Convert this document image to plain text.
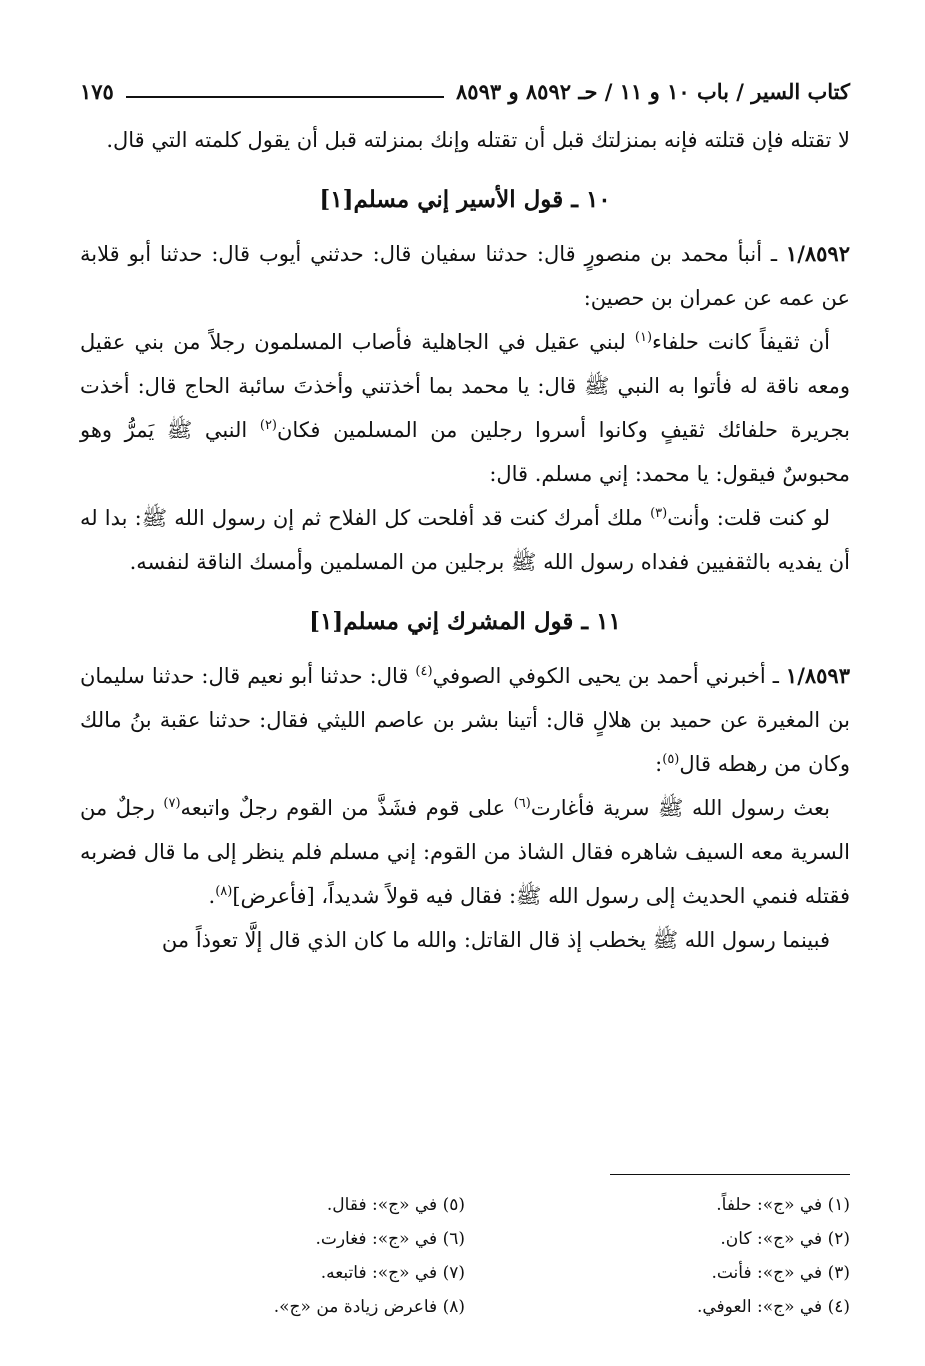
كتاب السير / باب ١٠ و ١١ / حـ ٨٥٩٢ و ٨٥٩٣
١٧٥

لا تقتله فإن قتلته فإنه بمنزلتك قبل أن تقتله وإنك بمنزلته قبل أن يقول كلمته التي قال.

١٠ ـ قول الأسير إني مسلم[١]

١/٨٥٩٢ ـ أنبأ محمد بن منصورٍ قال: حدثنا سفيان قال: حدثني أيوب قال: حدثنا أبو قلابة عن عمه عن عمران بن حصين:

أن ثقيفاً كانت حلفاء$^{(١)}$ لبني عقيل في الجاهلية فأصاب المسلمون رجلاً من بني عقيل ومعه ناقة له فأتوا به النبي ﷺ قال: يا محمد بما أخذتني وأخذتَ سائبة الحاج قال: أخذت بجريرة حلفائك ثقيفٍ وكانوا أسروا رجلين من المسلمين فكان$^{(٢)}$ النبي ﷺ يَمرُّ وهو محبوسٌ فيقول: يا محمد: إني مسلم. قال:

لو كنت قلت: وأنت$^{(٣)}$ ملك أمرك كنت قد أفلحت كل الفلاح ثم إن رسول الله ﷺ: بدا له أن يفديه بالثقفيين ففداه رسول الله ﷺ برجلين من المسلمين وأمسك الناقة لنفسه.

١١ ـ قول المشرك إني مسلم[١]

١/٨٥٩٣ ـ أخبرني أحمد بن يحيى الكوفي الصوفي$^{(٤)}$ قال: حدثنا أبو نعيم قال: حدثنا سليمان بن المغيرة عن حميد بن هلالٍ قال: أتينا بشر بن عاصم الليثي فقال: حدثنا عقبة بنُ مالك وكان من رهطه قال$^{(٥)}$:

بعث رسول الله ﷺ سرية فأغارت$^{(٦)}$ على قوم فشَذَّ من القوم رجلٌ واتبعه$^{(٧)}$ رجلٌ من السرية معه السيف شاهره فقال الشاذ من القوم: إني مسلم فلم ينظر إلى ما قال فضربه فقتله فنمي الحديث إلى رسول الله ﷺ: فقال فيه قولاً شديداً، [فأعرض]$^{(٨)}$.

فبينما رسول الله ﷺ يخطب إذ قال القاتل: والله ما كان الذي قال إلَّا تعوذاً من

(١) في «ج»: حلفاً.
(٢) في «ج»: كان.
(٣) في «ج»: فأنت.
(٤) في «ج»: العوفي.
(٥) في «ج»: فقال.
(٦) في «ج»: فغارت.
(٧) في «ج»: فاتبعه.
(٨) فاعرض زيادة من «ج».
